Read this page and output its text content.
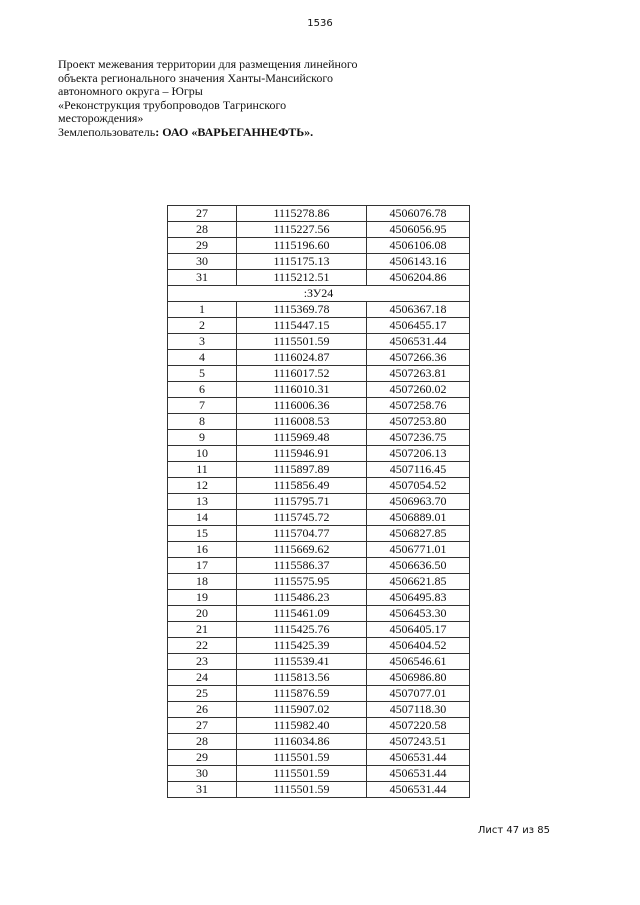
1536
Проект межевания территории для размещения линейного
объекта регионального значения Ханты-Мансийского
автономного округа – Югры
«Реконструкция трубопроводов Тагринского
месторождения»
Землепользователь: ОАО «ВАРЬЕГАННЕФТЬ».
27	1115278.86	4506076.78
28	1115227.56	4506056.95
29	1115196.60	4506106.08
30	1115175.13	4506143.16
31	1115212.51	4506204.86
:ЗУ24		
1	1115369.78	4506367.18
2	1115447.15	4506455.17
3	1115501.59	4506531.44
4	1116024.87	4507266.36
5	1116017.52	4507263.81
6	1116010.31	4507260.02
7	1116006.36	4507258.76
8	1116008.53	4507253.80
9	1115969.48	4507236.75
10	1115946.91	4507206.13
11	1115897.89	4507116.45
12	1115856.49	4507054.52
13	1115795.71	4506963.70
14	1115745.72	4506889.01
15	1115704.77	4506827.85
16	1115669.62	4506771.01
17	1115586.37	4506636.50
18	1115575.95	4506621.85
19	1115486.23	4506495.83
20	1115461.09	4506453.30
21	1115425.76	4506405.17
22	1115425.39	4506404.52
23	1115539.41	4506546.61
24	1115813.56	4506986.80
25	1115876.59	4507077.01
26	1115907.02	4507118.30
27	1115982.40	4507220.58
28	1116034.86	4507243.51
29	1115501.59	4506531.44
30	1115501.59	4506531.44
31	1115501.59	4506531.44
Лист 47 из 85
